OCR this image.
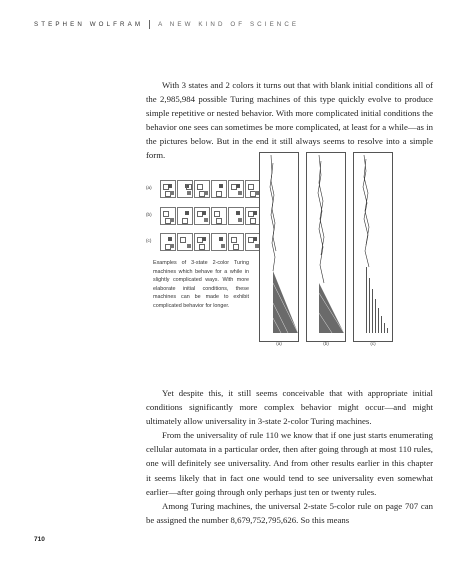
STEPHEN WOLFRAM A NEW KIND OF SCIENCE

With 3 states and 2 colors it turns out that with blank initial conditions all of the 2,985,984 possible Turing machines of this type quickly evolve to produce simple repetitive or nested behavior. With more complicated initial conditions the behavior one sees can sometimes be more complicated, at least for a while—as in the pictures below. But in the end it still always seems to resolve into a simple form.

(a)
(b)
(c)
Examples of 3-state 2-color Turing machines which behave for a while in slightly complicated ways. With more elaborate initial conditions, these machines can be made to exhibit complicated behavior for longer.
(a)	(b)	(c)

Yet despite this, it still seems conceivable that with appropriate initial conditions significantly more complex behavior might occur—and might ultimately allow universality in 3-state 2-color Turing machines.

From the universality of rule 110 we know that if one just starts enumerating cellular automata in a particular order, then after going through at most 110 rules, one will definitely see universality. And from other results earlier in this chapter it seems likely that in fact one would tend to see universality even somewhat earlier—after going through only perhaps just ten or twenty rules.

Among Turing machines, the universal 2-state 5-color rule on page 707 can be assigned the number 8,679,752,795,626. So this means

710
